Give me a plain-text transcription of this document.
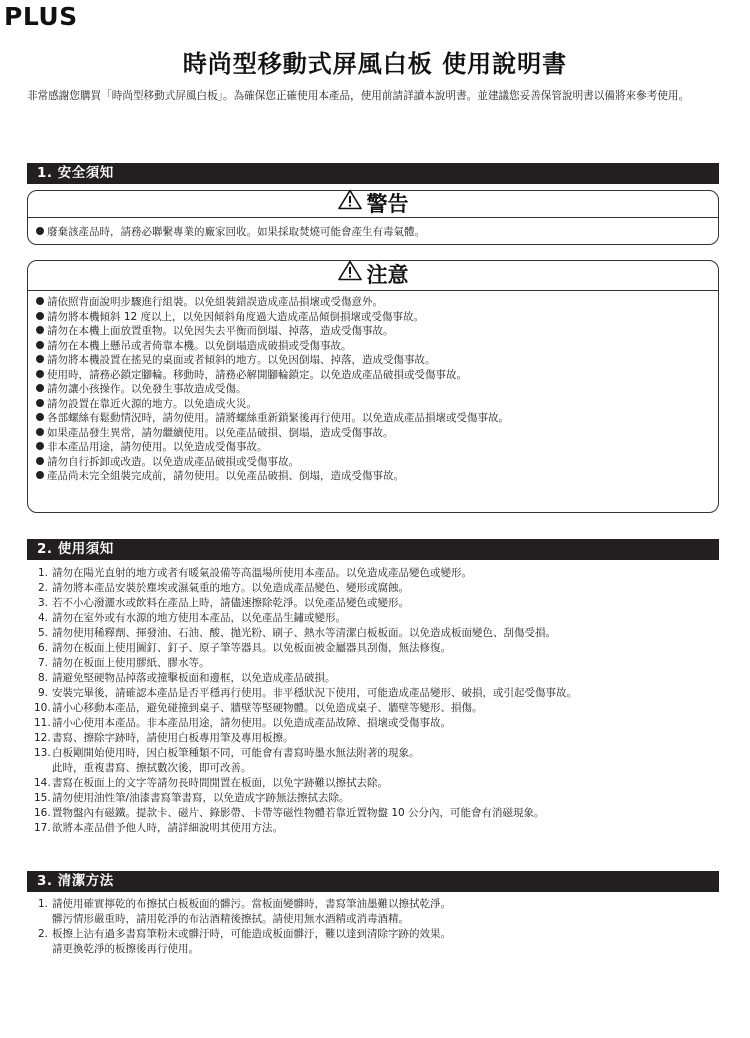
PLUS
時尚型移動式屏風白板 使用說明書
非常感謝您購買「時尚型移動式屏風白板」。為確保您正確使用本產品，使用前請詳讀本說明書。並建議您妥善保管說明書以備將來參考使用。
1. 安全須知
警告
廢棄該產品時，請務必聯繫專業的廠家回收。如果採取焚燒可能會產生有毒氣體。
注意
請依照背面說明步驟進行組裝。以免組裝錯誤造成產品損壞或受傷意外。
請勿將本機傾斜 12 度以上，以免因傾斜角度過大造成產品傾倒損壞或受傷事故。
請勿在本機上面放置重物。以免因失去平衡而倒塌、掉落，造成受傷事故。
請勿在本機上懸吊或者倚靠本機。以免倒塌造成破損或受傷事故。
請勿將本機設置在搖晃的桌面或者傾斜的地方。以免因倒塌、掉落，造成受傷事故。
使用時，請務必鎖定腳輪。移動時，請務必解開腳輪鎖定。以免造成產品破損或受傷事故。
請勿讓小孩操作。以免發生事故造成受傷。
請勿設置在靠近火源的地方。以免造成火災。
各部螺絲有鬆動情況時，請勿使用。請將螺絲重新鎖緊後再行使用。以免造成產品損壞或受傷事故。
如果產品發生異常，請勿繼續使用。以免產品破損、倒塌，造成受傷事故。
非本產品用途，請勿使用。以免造成受傷事故。
請勿自行拆卸或改造。以免造成產品破損或受傷事故。
產品尚未完全組裝完成前，請勿使用。以免產品破損、倒塌，造成受傷事故。
2. 使用須知
1. 請勿在陽光直射的地方或者有暖氣設備等高溫場所使用本產品。以免造成產品變色或變形。
2. 請勿將本產品安裝於塵埃或濕氣重的地方。以免造成產品變色、變形或腐蝕。
3. 若不小心潑灑水或飲料在產品上時，請儘速擦除乾淨。以免產品變色或變形。
4. 請勿在室外或有水源的地方使用本產品，以免產品生鏽或變形。
5. 請勿使用稀釋劑、揮發油、石油、酸、拋光粉、刷子、熱水等清潔白板板面。以免造成板面變色、刮傷受損。
6. 請勿在板面上使用圖釘、釘子、原子筆等器具。以免板面被金屬器具刮傷，無法修復。
7. 請勿在板面上使用膠紙、膠水等。
8. 請避免堅硬物品掉落或撞擊板面和邊框，以免造成產品破損。
9. 安裝完畢後，請確認本產品是否平穩再行使用。非平穩狀況下使用，可能造成產品變形、破損，或引起受傷事故。
10. 請小心移動本產品，避免碰撞到桌子、牆壁等堅硬物體。以免造成桌子、牆壁等變形、損傷。
11. 請小心使用本產品。非本產品用途，請勿使用。以免造成產品故障、損壞或受傷事故。
12. 書寫、擦除字跡時，請使用白板專用筆及專用板擦。
13. 白板剛開始使用時，因白板筆種類不同，可能會有書寫時墨水無法附著的現象。
此時，重複書寫、擦拭數次後，即可改善。
14. 書寫在板面上的文字等請勿長時間閒置在板面，以免字跡難以擦拭去除。
15. 請勿使用油性筆/油漆書寫筆書寫，以免造成字跡無法擦拭去除。
16. 置物盤內有磁鐵。提款卡、磁片、錄影帶、卡帶等磁性物體若靠近置物盤 10 公分內，可能會有消磁現象。
17. 欲將本產品借予他人時，請詳細說明其使用方法。
3. 清潔方法
1. 請使用確實擰乾的布擦拭白板板面的髒污。當板面變髒時，書寫筆油墨難以擦拭乾淨。
髒污情形嚴重時，請用乾淨的布沾酒精後擦拭。請使用無水酒精或消毒酒精。
2. 板擦上沾有過多書寫筆粉末或髒汙時，可能造成板面髒汙，難以達到清除字跡的效果。
請更換乾淨的板擦後再行使用。
